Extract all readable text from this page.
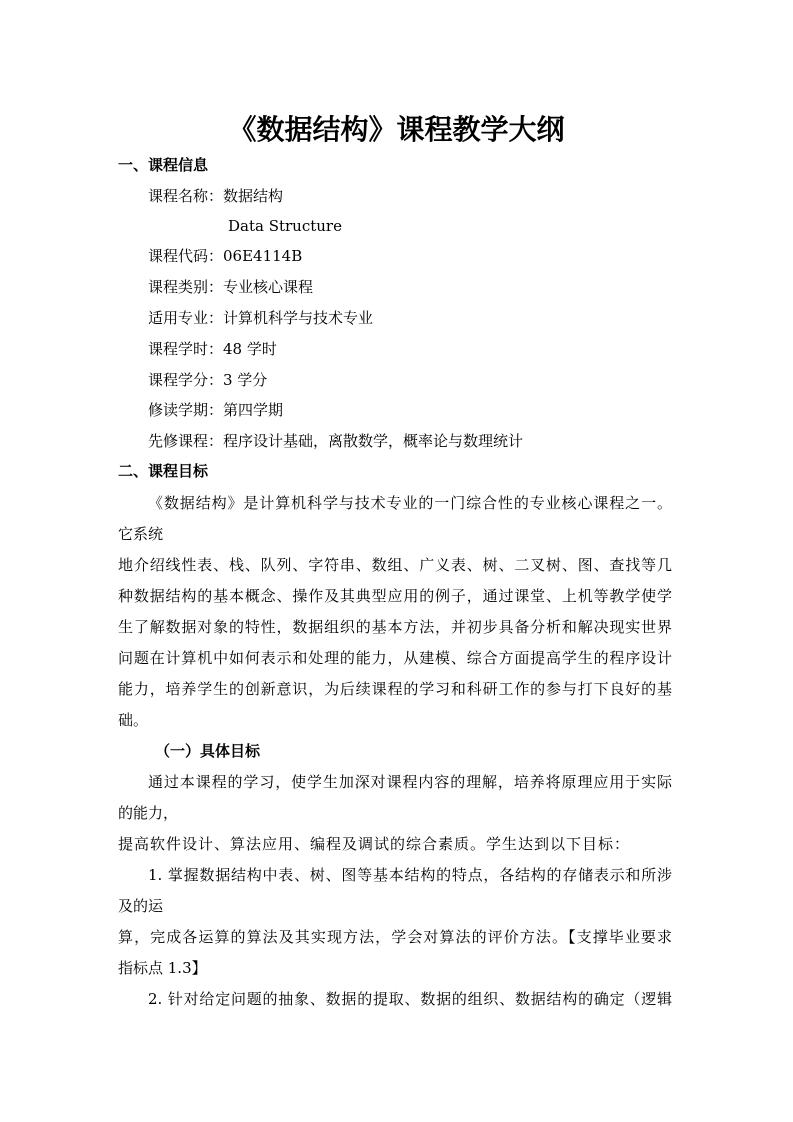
《数据结构》课程教学大纲
一、课程信息
课程名称：数据结构
Data Structure
课程代码：06E4114B
课程类别：专业核心课程
适用专业：计算机科学与技术专业
课程学时：48 学时
课程学分：3 学分
修读学期：第四学期
先修课程：程序设计基础，离散数学，概率论与数理统计
二、课程目标
《数据结构》是计算机科学与技术专业的一门综合性的专业核心课程之一。
它系统
地介绍线性表、栈、队列、字符串、数组、广义表、树、二叉树、图、查找等几
种数据结构的基本概念、操作及其典型应用的例子，通过课堂、上机等教学使学
生了解数据对象的特性，数据组织的基本方法，并初步具备分析和解决现实世界
问题在计算机中如何表示和处理的能力，从建模、综合方面提高学生的程序设计
能力，培养学生的创新意识，为后续课程的学习和科研工作的参与打下良好的基
础。
（一）具体目标
通过本课程的学习，使学生加深对课程内容的理解，培养将原理应用于实际
的能力，
提高软件设计、算法应用、编程及调试的综合素质。学生达到以下目标：
1. 掌握数据结构中表、树、图等基本结构的特点，各结构的存储表示和所涉
及的运
算，完成各运算的算法及其实现方法，学会对算法的评价方法。【支撑毕业要求
指标点 1.3】
2. 针对给定问题的抽象、数据的提取、数据的组织、数据结构的确定（逻辑
